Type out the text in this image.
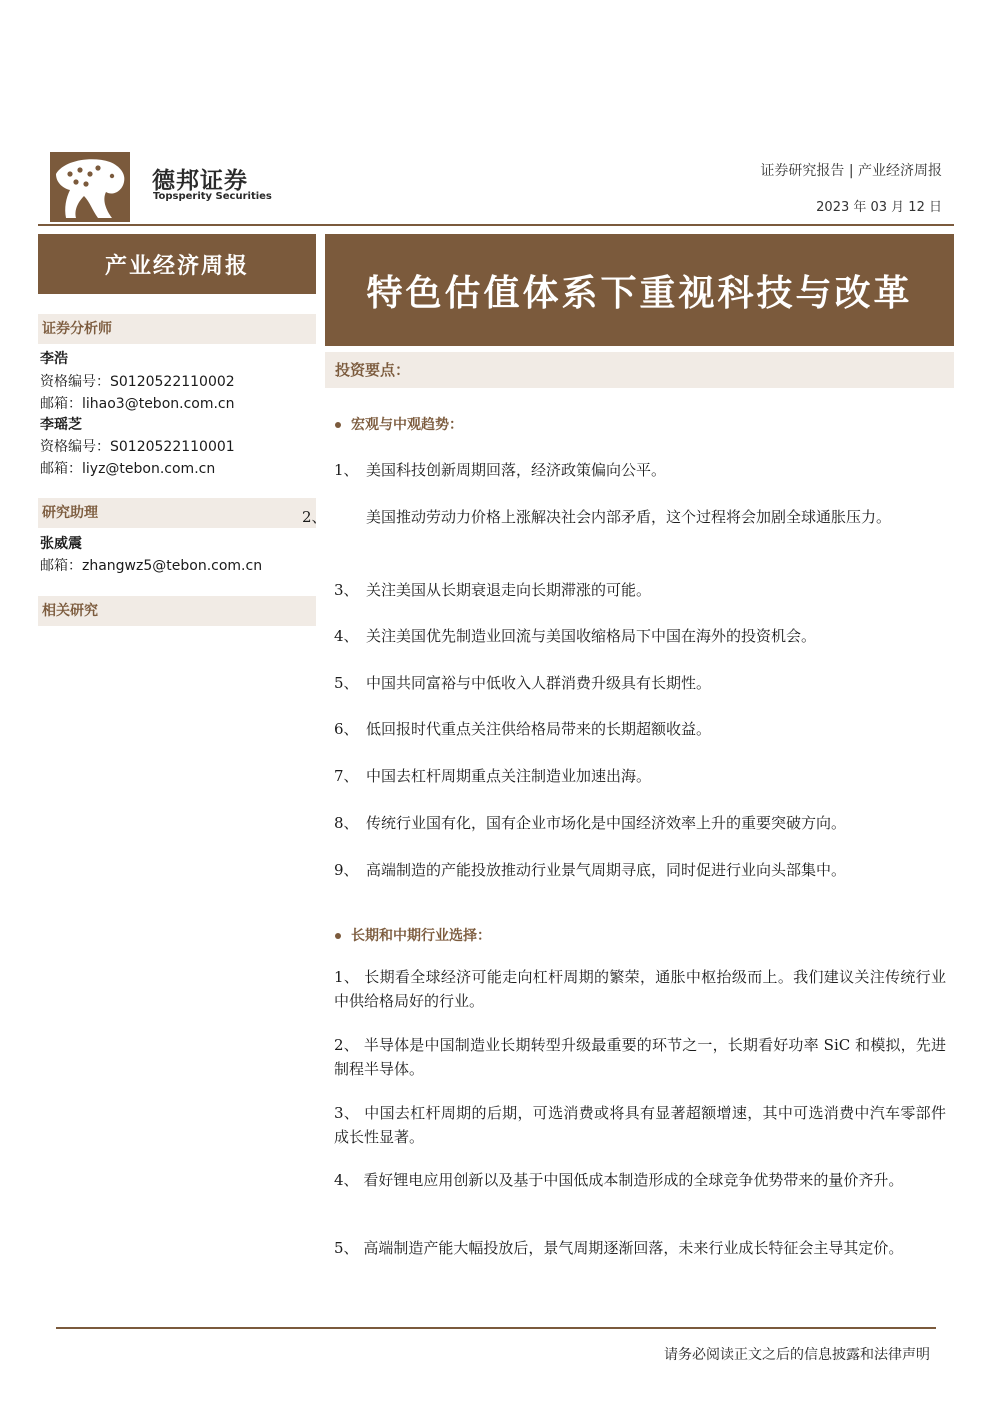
德邦证券
Topsperity Securities
证券研究报告 | 产业经济周报
2023 年 03 月 12 日
产业经济周报
证券分析师
李浩
资格编号：S0120522110002
邮箱：lihao3@tebon.com.cn
李瑶芝
资格编号：S0120522110001
邮箱：liyz@tebon.com.cn
研究助理
张威震
邮箱：zhangwz5@tebon.com.cn
相关研究
特色估值体系下重视科技与改革
投资要点：
宏观与中观趋势：
1、 美国科技创新周期回落，经济政策偏向公平。
2、	美国推动劳动力价格上涨解决社会内部矛盾，这个过程将会加剧全球通胀压力。
3、 关注美国从长期衰退走向长期滞涨的可能。
4、 关注美国优先制造业回流与美国收缩格局下中国在海外的投资机会。
5、 中国共同富裕与中低收入人群消费升级具有长期性。
6、 低回报时代重点关注供给格局带来的长期超额收益。
7、 中国去杠杆周期重点关注制造业加速出海。
8、 传统行业国有化，国有企业市场化是中国经济效率上升的重要突破方向。
9、 高端制造的产能投放推动行业景气周期寻底，同时促进行业向头部集中。
长期和中期行业选择：
1、 长期看全球经济可能走向杠杆周期的繁荣，通胀中枢抬级而上。我们建议关注传统行业中供给格局好的行业。
2、 半导体是中国制造业长期转型升级最重要的环节之一，长期看好功率 SiC 和模拟，先进制程半导体。
3、 中国去杠杆周期的后期，可选消费或将具有显著超额增速，其中可选消费中汽车零部件成长性显著。
4、 看好锂电应用创新以及基于中国低成本制造形成的全球竞争优势带来的量价齐升。
5、 高端制造产能大幅投放后，景气周期逐渐回落，未来行业成长特征会主导其定价。
请务必阅读正文之后的信息披露和法律声明
